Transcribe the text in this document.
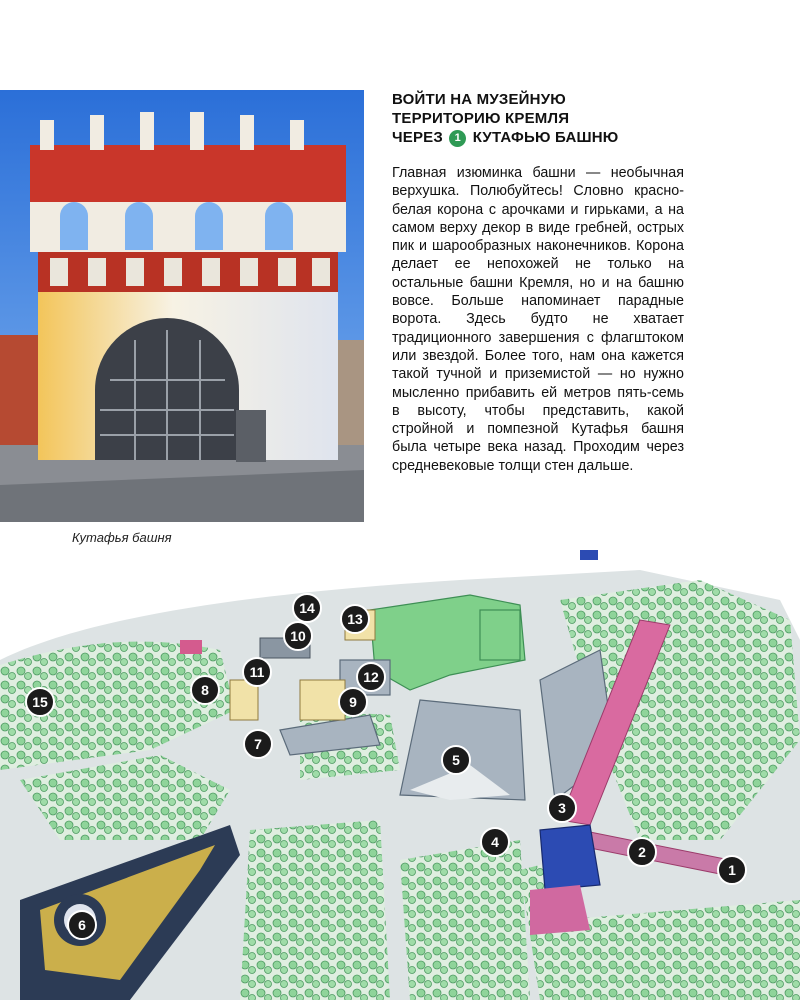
Кутафья башня
ВОЙТИ НА МУЗЕЙНУЮ
ТЕРРИТОРИЮ КРЕМЛЯ
ЧЕРЕЗ 1 КУТАФЬЮ БАШНЮ
Главная изюминка башни — необычная верхушка. Полюбуйтесь! Словно красно-белая корона с арочками и гирьками, а на самом верху декор в виде гребней, острых пик и шарообразных наконечников. Корона делает ее непохожей не только на остальные башни Кремля, но и на башню вовсе. Больше напоминает парадные ворота. Здесь будто не хватает традиционного завершения с флагштоком или звездой. Более того, нам она кажется такой тучной и приземистой — но нужно мысленно прибавить ей метров пять-семь в высоту, чтобы представить, какой стройной и помпезной Кутафья башня была четыре века назад. Проходим через средневековые толщи стен дальше.
1
2
3
4
5
6
7
8
9
10
11	12
13
14
15
